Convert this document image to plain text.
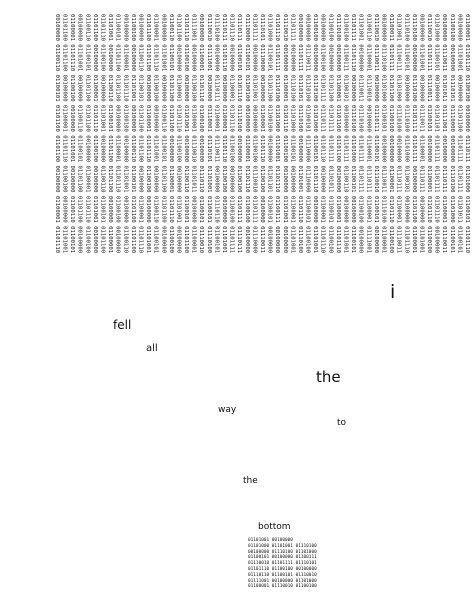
01100001 01101110 01100100 00100000 01110111 01101000 01100101 01101110
00100000 01101001 00100000 01101100 01101111 01101111 01101011 01100101
01100100 00100000 01110101 01110000 00100000 01110100 01101000 01100101
00100000 01110011 01101011 01111001 00100000 01110111 01100001 01110011
01101000 01100101 00100000 01101101 01101111 01101111 01101110 00100000
01110010 01101111 01110011 01100101 00100000 01100001 01101110 01100100
00100000 01101001 00100000 01110011 01100001 01110111 00100000 01101001
01110100 00100000 01110100 01101111 01101111 00100000 01101100 01100001
01110100 01100101 00100000 01110100 01101000 01100101 00100000 01101110
01101001 01100111 01101000 01110100 00100000 01110111 01100001 01110011
01100011 01101111 01101100 01100100 00100000 01100001 01101110 01100100
00100000 01110100 01101000 01100101 00100000 01110011 01110100 01100001
01110010 01110011 00100000 01110111 01100101 01110010 01100101 00100000
01100110 01100001 01110010 00100000 01100001 01110111 01100001 01111001
01101001 00100000 01110011 01110100 01101111 01101111 01100100 00100000
01101111 01101110 00100000 01110100 01101000 01100101 00100000 01100101
01100100 01100111 01100101 00100000 01101111 01100110 00100000 01101001
01110100 00100000 01100001 01101100 01101100 00100000 01100001 01101110
01100100 00100000 01101100 01101111 01101111 01101011 01100101 01100100
00100000 01100100 01101111 01110111 01101110 00100000 01100001 01101110
01100100 00100000 01110100 01101000 01100101 01101110 00100000 01101001
00100000 01110011 01110100 01100101 01110000 01110000 01100101 01100100
00100000 01101111 01110101 01110100 00100000 01101001 01101110 01110100
01101111 00100000 01110100 01101000 01100101 00100000 01100001 01101001
01110010 00100000 01100001 01101110 01100100 00100000 01101001 00100000
01101110 01101111 01110100 01101000 01101001 01101110 01100111 00100000
01101000 01100101 01101100 01100100 00100000 01101101 01100101 00100000
01110101 01110000 00100000 01100001 01101110 01100100 00100000 01110011
01101111 00100000 01101001 00100000 01100100 01110010 01101111 01110000
01110000 01100101 01100100 00100000 01100001 01101110 01100100 00100000
01110111 01100101 01101110 01110100 00100000 01100100 01101111 01110111
01101110 00100000 01100001 01101110 01100100 00100000 01100100 01101111
01110111 01101110 00100000 01100001 01101110 01100100 00100000 01101001
01110100 00100000 01110111 01100001 01110011 00100000 01110110 01100101
01110010 01111001 00100000 01110001 01110101 01101001 01100101 01110100
00100000 01100001 01101110 01100100 00100000 01110110 01100101 01110010
01111001 00100000 01100100 01100001 01110010 01101011 00100000 01100001
01101110 01100100 00100000 01101001 00100000 01100110 01100101 01101100
01101100 00100000 01100001 01101110 01100100 00100000 01101001 00100000
01100110 01100101 01101100 01101100 00100000 01100001 01101110 01100100
00100000 01101001 00100000 01100110 01100101 01101100 01101100 00100000
01100001 01101110 01100100 00100000 01101001 00100000 01100110 01100101
01101100 01101100 00100000 01100001 01101110 01100100 00100000 01101001
00100000 01100110 01100101 01101100 01101100 00100000 01100001 01101110
01100100 00100000 01101001 00100000 01100110 01100101 01101100 01101100
00100000 01100001 01101110 01100100 00100000 01101001 00100000 01100110
01100101 01101100 01101100 00100000 01100001 01101110 01100100 00100000
01101001 00100000 01100110 01100101 01101100 01101100 00100000 01100001
01101110 01100100 00100000 01101001 00100000 01100110 01100101 01101100
01101100 00100000 01100001 01101110 01100100 00100000 01101001 00100000
01100110 01100101 01101100 01101100 00100000 01100001 01101110 01100100
00100000 01101001 00100000 01100110 01100101 01101100 01101100 00100000
01100001 01101110 01100100 00100000 01101001 00100000 01100110 01100101
01101100 01101100 00100000 01100001 01101110 01100100 00100000 01101001
00100000 01100110 01100101 01101100 01101100 00100000 01100001 01101110
i
fell
all
the
way
to
the
bottom
01101001 00100000
01101000 01101001 01110100
00100000 01110100 01101000
01100101 00100000 01100111
01110010 01101111 01110101
01101110 01100100 00100000
01110110 01100101 01110010
01111001 00100000 01101000
01100001 01110010 01100100
